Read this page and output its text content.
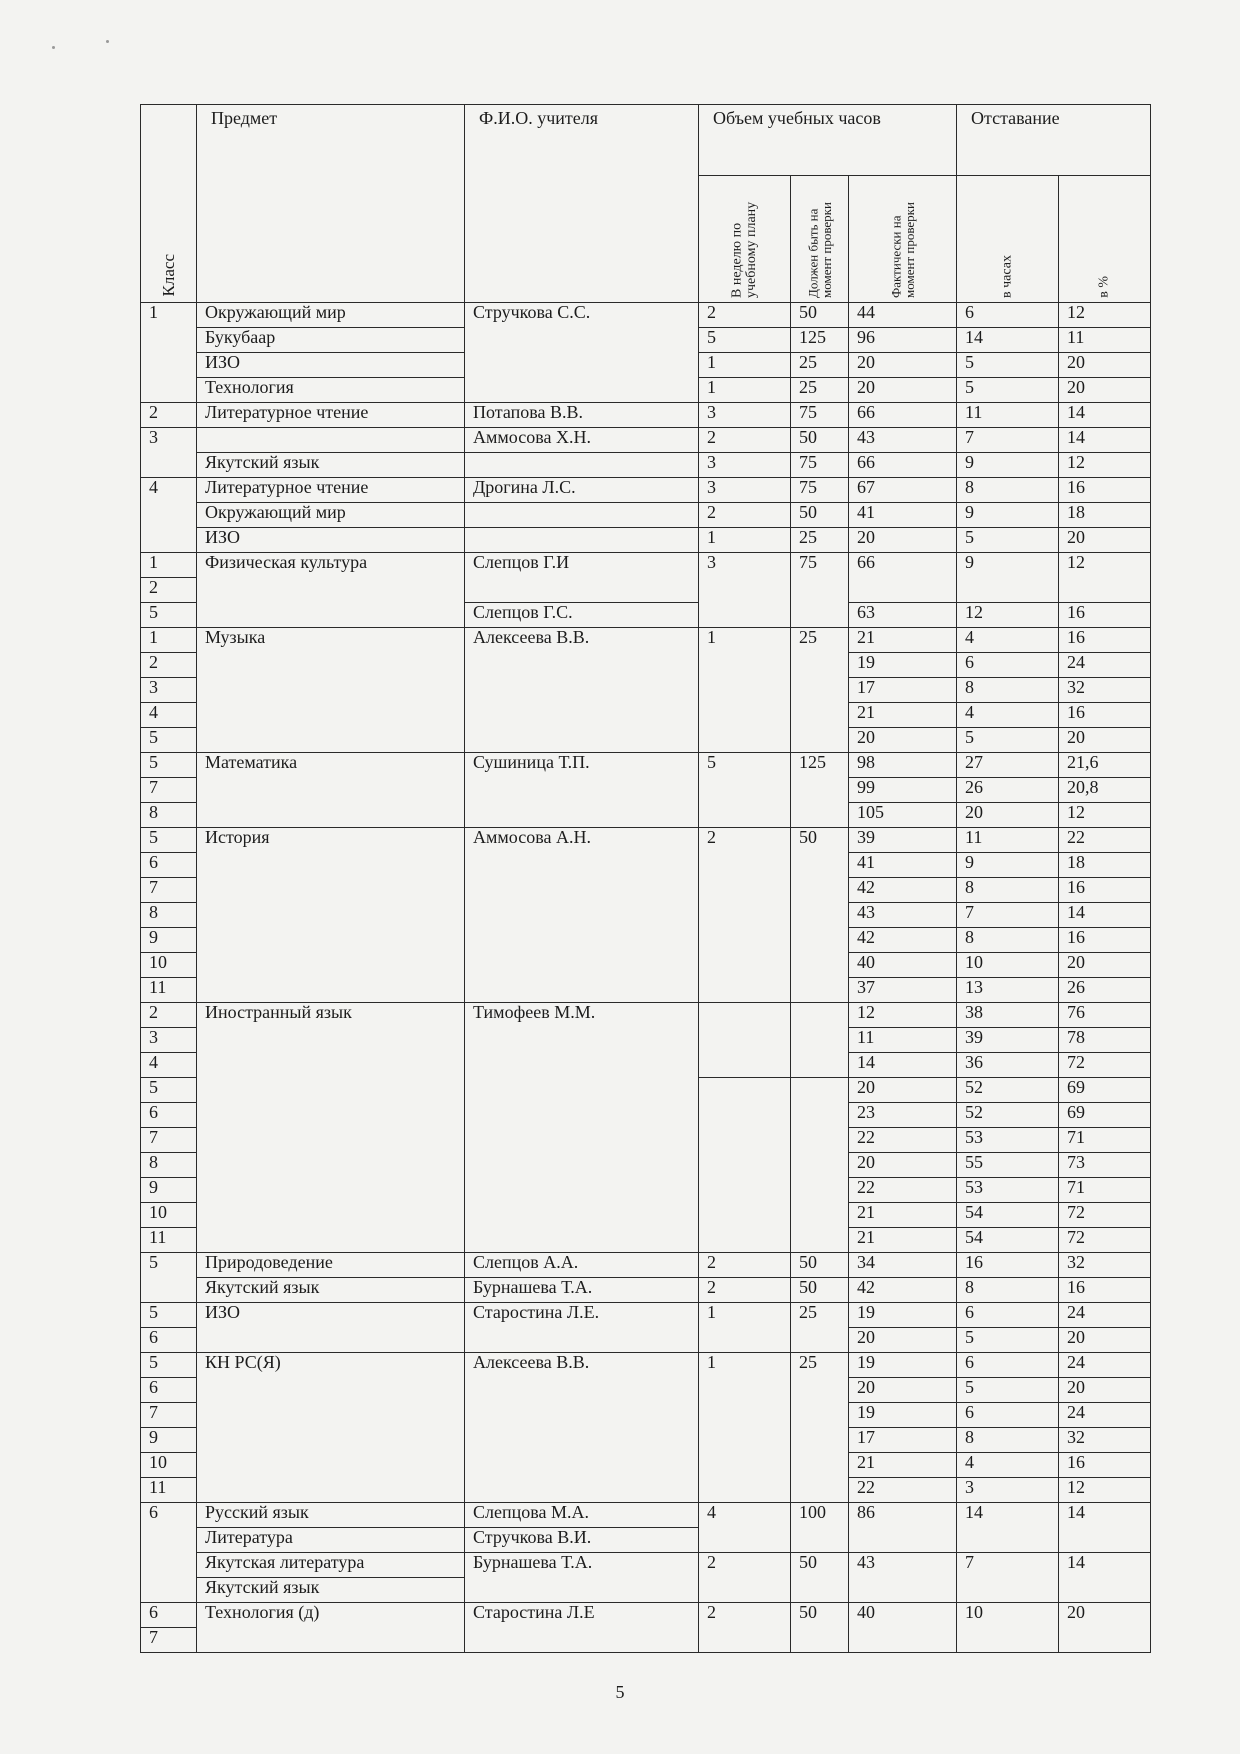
Класс	Предмет	Ф.И.О. учителя	Объем учебных часов			Отставание	

			В неделю по учебному плану	Должен быть на момент проверки	Фактически на момент проверки	в часах	в %

1	Окружающий мир	Стручкова С.С.	2	50	44	6	12
	Букубаар		5	125	96	14	11
	ИЗО		1	25	20	5	20
	Технология		1	25	20	5	20
2	Литературное чтение	Потапова В.В.	3	75	66	11	14
3		Аммосова Х.Н.	2	50	43	7	14
	Якутский язык		3	75	66	9	12
4	Литературное чтение	Дрогина Л.С.	3	75	67	8	16
	Окружающий мир		2	50	41	9	18
	ИЗО		1	25	20	5	20
1	Физическая культура	Слепцов Г.И	3	75	66	9	12
2							
5		Слепцов Г.С.			63	12	16
1	Музыка	Алексеева В.В.	1	25	21	4	16
2					19	6	24
3					17	8	32
4					21	4	16
5					20	5	20
5	Математика	Сушиница Т.П.	5	125	98	27	21,6
7					99	26	20,8
8					105	20	12
5	История	Аммосова А.Н.	2	50	39	11	22
6					41	9	18
7					42	8	16
8					43	7	14
9					42	8	16
10					40	10	20
11					37	13	26
2	Иностранный язык	Тимофеев М.М.			12	38	76
3					11	39	78
4					14	36	72
5					20	52	69
6					23	52	69
7					22	53	71
8					20	55	73
9					22	53	71
10					21	54	72
11					21	54	72
5	Природоведение	Слепцов А.А.	2	50	34	16	32
	Якутский язык	Бурнашева Т.А.	2	50	42	8	16
5	ИЗО	Старостина Л.Е.	1	25	19	6	24
6					20	5	20
5	КН РС(Я)	Алексеева В.В.	1	25	19	6	24
6					20	5	20
7					19	6	24
9					17	8	32
10					21	4	16
11					22	3	12
6	Русский язык	Слепцова М.А.	4	100	86	14	14
	Литература	Стручкова В.И.					
	Якутская литература	Бурнашева Т.А.	2	50	43	7	14
	Якутский язык						
6	Технология (д)	Старостина Л.Е	2	50	40	10	20
7							
5
